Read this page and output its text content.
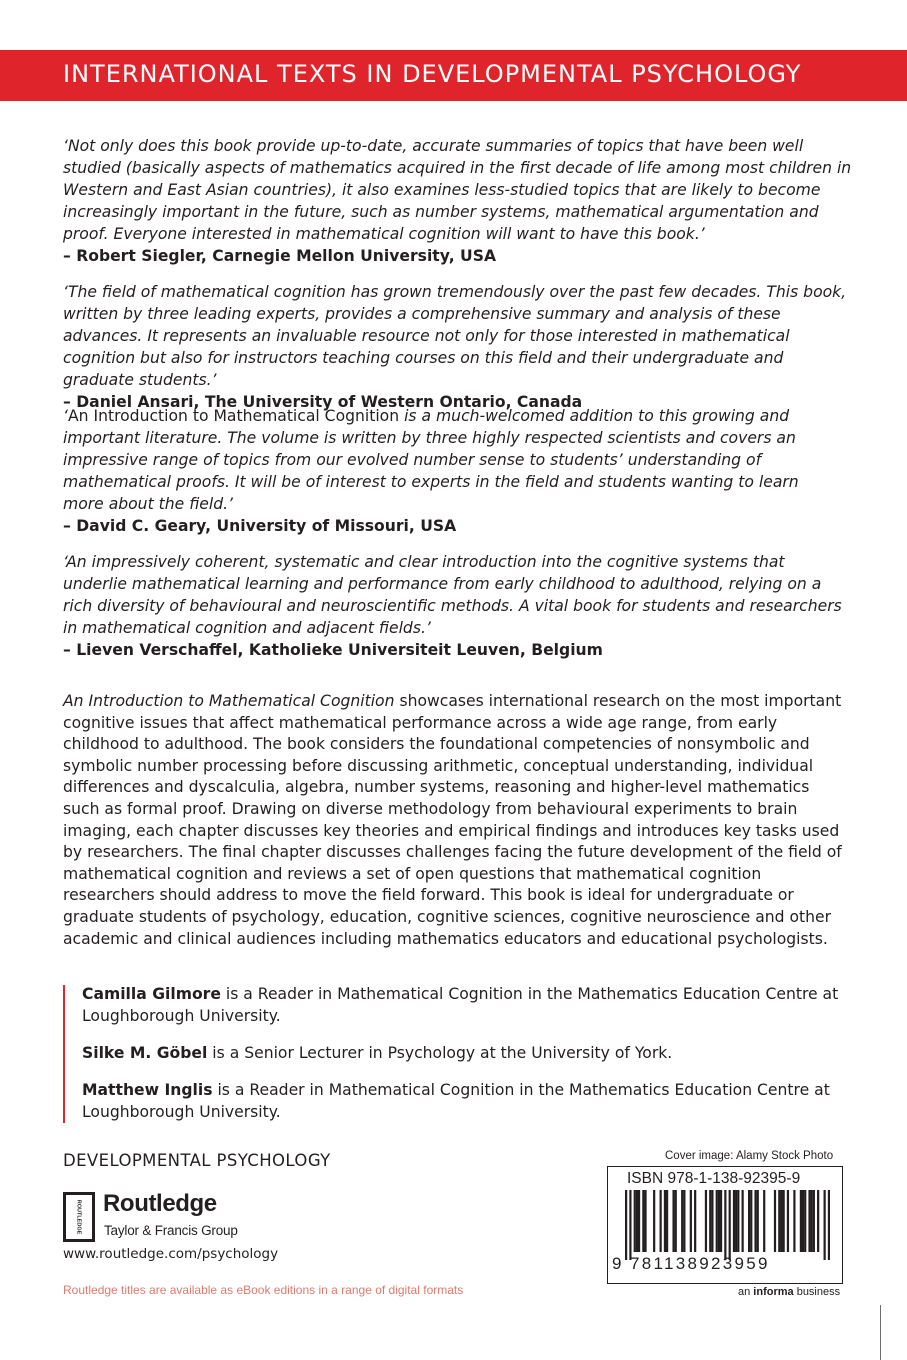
INTERNATIONAL TEXTS IN DEVELOPMENTAL PSYCHOLOGY

‘Not only does this book provide up-to-date, accurate summaries of topics that have been well studied (basically aspects of mathematics acquired in the first decade of life among most children in Western and East Asian countries), it also examines less-studied topics that are likely to become increasingly important in the future, such as number systems, mathematical argumentation and proof. Everyone interested in mathematical cognition will want to have this book.’

– Robert Siegler, Carnegie Mellon University, USA

‘The field of mathematical cognition has grown tremendously over the past few decades. This book, written by three leading experts, provides a comprehensive summary and analysis of these advances. It represents an invaluable resource not only for those interested in mathematical cognition but also for instructors teaching courses on this field and their undergraduate and graduate students.’

– Daniel Ansari, The University of Western Ontario, Canada

‘An Introduction to Mathematical Cognition is a much-welcomed addition to this growing and important literature. The volume is written by three highly respected scientists and covers an impressive range of topics from our evolved number sense to students’ understanding of mathematical proofs. It will be of interest to experts in the field and students wanting to learn more about the field.’

– David C. Geary, University of Missouri, USA

‘An impressively coherent, systematic and clear introduction into the cognitive systems that underlie mathematical learning and performance from early childhood to adulthood, relying on a rich diversity of behavioural and neuroscientific methods. A vital book for students and researchers in mathematical cognition and adjacent fields.’

– Lieven Verschaffel, Katholieke Universiteit Leuven, Belgium

An Introduction to Mathematical Cognition showcases international research on the most important cognitive issues that affect mathematical performance across a wide age range, from early childhood to adulthood. The book considers the foundational competencies of nonsymbolic and symbolic number processing before discussing arithmetic, conceptual understanding, individual differences and dyscalculia, algebra, number systems, reasoning and higher-level mathematics such as formal proof. Drawing on diverse methodology from behavioural experiments to brain imaging, each chapter discusses key theories and empirical findings and introduces key tasks used by researchers. The final chapter discusses challenges facing the future development of the field of mathematical cognition and reviews a set of open questions that mathematical cognition researchers should address to move the field forward. This book is ideal for undergraduate or graduate students of psychology, education, cognitive sciences, cognitive neuroscience and other academic and clinical audiences including mathematics educators and educational psychologists.

Camilla Gilmore is a Reader in Mathematical Cognition in the Mathematics Education Centre at Loughborough University.

Silke M. Göbel is a Senior Lecturer in Psychology at the University of York.

Matthew Inglis is a Reader in Mathematical Cognition in the Mathematics Education Centre at Loughborough University.

DEVELOPMENTAL PSYCHOLOGY
ROUTLEDGE Routledge
Taylor & Francis Group
www.routledge.com/psychology
Routledge titles are available as eBook editions in a range of digital formats
Cover image: Alamy Stock Photo
ISBN 978-1-138-92395-9
9 781138923959
an informa business
